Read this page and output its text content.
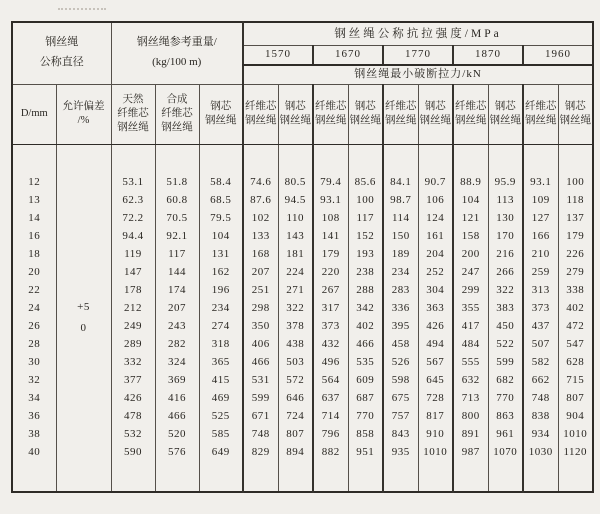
钢丝绳
公称直径

钢丝绳参考重量/
(kg/100 m)
	钢丝绳公称抗拉强度/MPa
					1570		1670		1770		1870		1960	
					钢丝绳最小破断拉力/kN									
D/mm	
允许偏差
/%

天然
纤维芯
钢丝绳

合成
纤维芯
钢丝绳

钢芯
钢丝绳

纤维芯
钢丝绳

钢芯
钢丝绳

纤维芯
钢丝绳

钢芯
钢丝绳

纤维芯
钢丝绳

钢芯
钢丝绳

纤维芯
钢丝绳

钢芯
钢丝绳

纤维芯
钢丝绳

钢芯
钢丝绳

	+5
0													

12		53.1	51.8	58.4	74.6	80.5	79.4	85.6	84.1	90.7	88.9	95.9	93.1	100
13		62.3	60.8	68.5	87.6	94.5	93.1	100	98.7	106	104	113	109	118
14		72.2	70.5	79.5	102	110	108	117	114	124	121	130	127	137
16		94.4	92.1	104	133	143	141	152	150	161	158	170	166	179
18		119	117	131	168	181	179	193	189	204	200	216	210	226
20		147	144	162	207	224	220	238	234	252	247	266	259	279
22		178	174	196	251	271	267	288	283	304	299	322	313	338
24		212	207	234	298	322	317	342	336	363	355	383	373	402
26		249	243	274	350	378	373	402	395	426	417	450	437	472
28		289	282	318	406	438	432	466	458	494	484	522	507	547
30		332	324	365	466	503	496	535	526	567	555	599	582	628
32		377	369	415	531	572	564	609	598	645	632	682	662	715
34		426	416	469	599	646	637	687	675	728	713	770	748	807
36		478	466	525	671	724	714	770	757	817	800	863	838	904
38		532	520	585	748	807	796	858	843	910	891	961	934	1010
40		590	576	649	829	894	882	951	935	1010	987	1070	1030	1120
